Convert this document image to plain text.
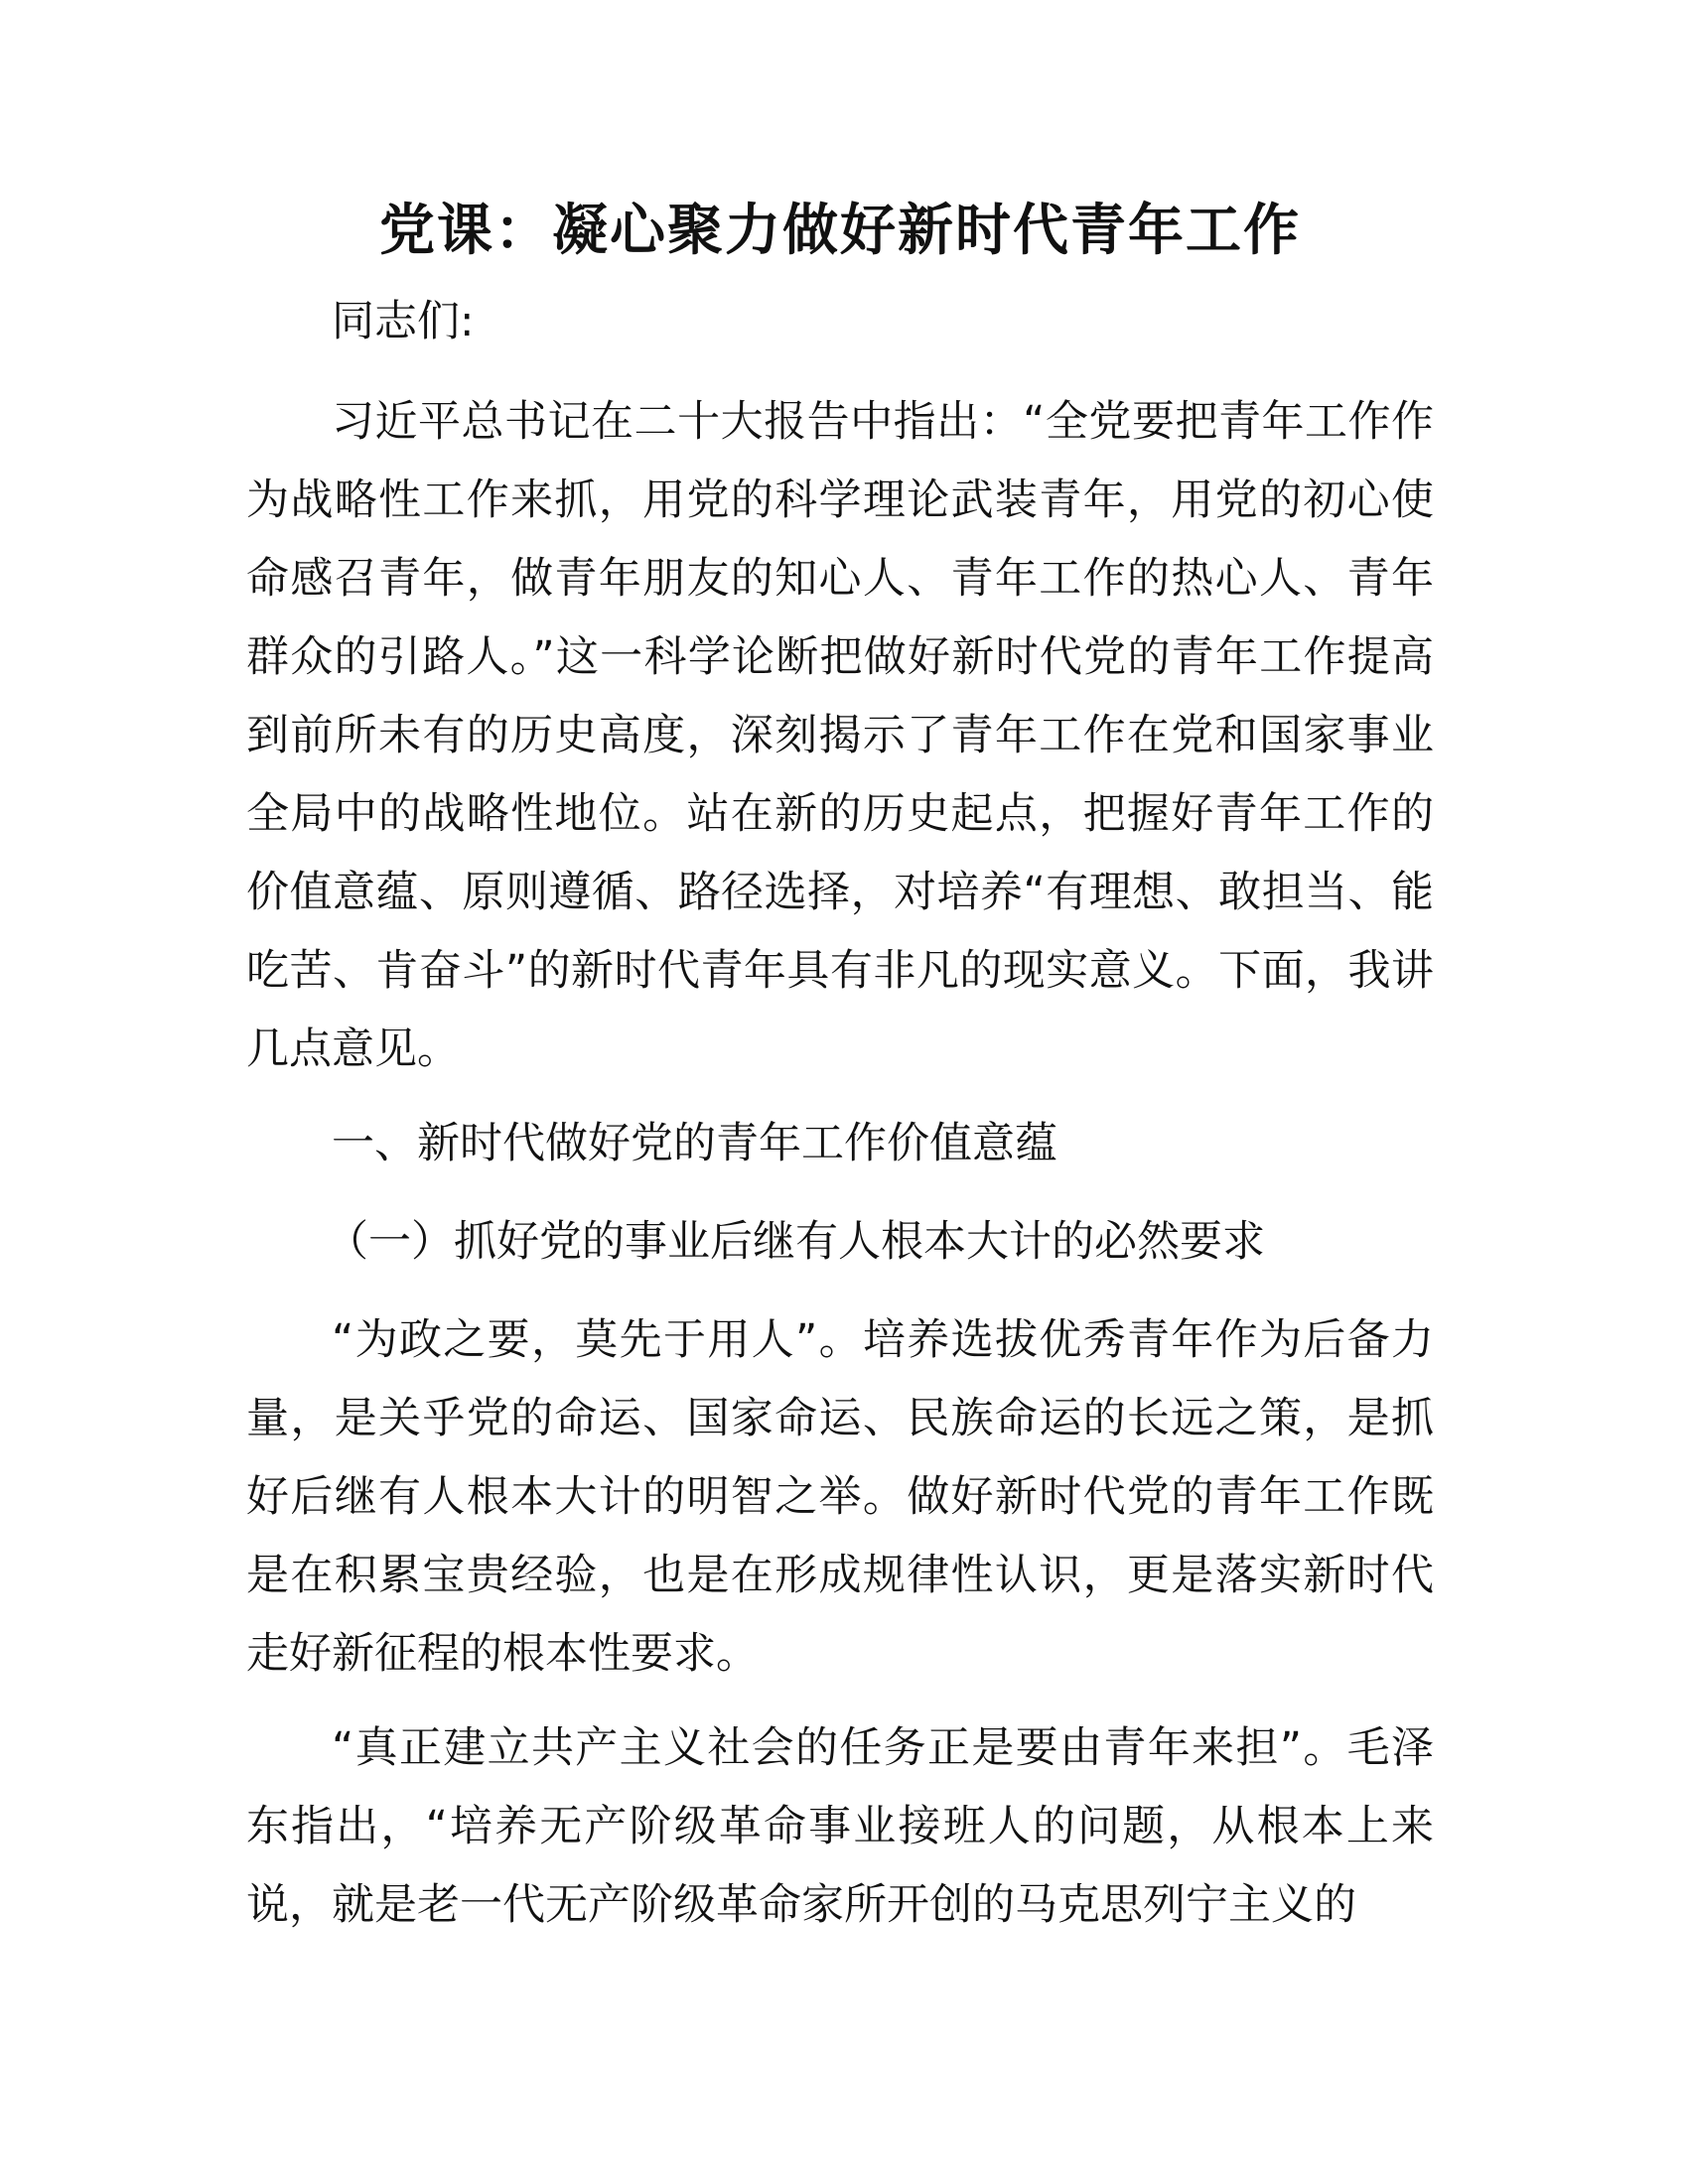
党课：凝心聚力做好新时代青年工作
同志们:
习近平总书记在二十大报告中指出：“全党要把青年工作作为战略性工作来抓，用党的科学理论武装青年，用党的初心使命感召青年，做青年朋友的知心人、青年工作的热心人、青年群众的引路人。”这一科学论断把做好新时代党的青年工作提高到前所未有的历史高度，深刻揭示了青年工作在党和国家事业全局中的战略性地位。站在新的历史起点，把握好青年工作的价值意蕴、原则遵循、路径选择，对培养“有理想、敢担当、能吃苦、肯奋斗”的新时代青年具有非凡的现实意义。下面，我讲几点意见。
一、新时代做好党的青年工作价值意蕴
（一）抓好党的事业后继有人根本大计的必然要求
“为政之要，莫先于用人”。培养选拔优秀青年作为后备力量，是关乎党的命运、国家命运、民族命运的长远之策，是抓好后继有人根本大计的明智之举。做好新时代党的青年工作既是在积累宝贵经验，也是在形成规律性认识，更是落实新时代走好新征程的根本性要求。
“真正建立共产主义社会的任务正是要由青年来担”。毛泽东指出，“培养无产阶级革命事业接班人的问题，从根本上来说，就是老一代无产阶级革命家所开创的马克思列宁主义的
